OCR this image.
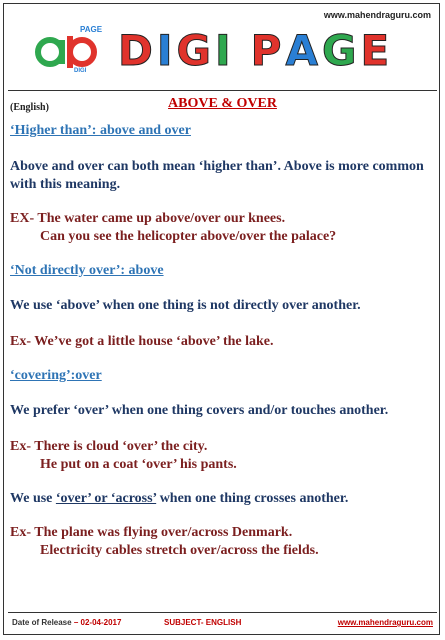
www.mahendraguru.com
PAGE
DIGI D I G I P A G E
(English)	ABOVE & OVER
‘Higher than’: above and over
Above and over can both mean ‘higher than’. Above is more common with this meaning.
EX- The water came up above/over our knees.
Can you see the helicopter above/over the palace?
‘Not directly over’: above
We use ‘above’ when one thing is not directly over another.
Ex- We’ve got a little house ‘above’ the lake.
‘covering’:over
We prefer ‘over’ when one thing covers and/or touches another.
Ex- There is cloud ‘over’ the city.
He put on a coat ‘over’ his pants.
We use ‘over’ or ‘across’ when one thing crosses another.
Ex- The plane was flying over/across Denmark.
Electricity cables stretch over/across the fields.
Date of Release – 02-04-2017	SUBJECT- ENGLISH	www.mahendraguru.com
